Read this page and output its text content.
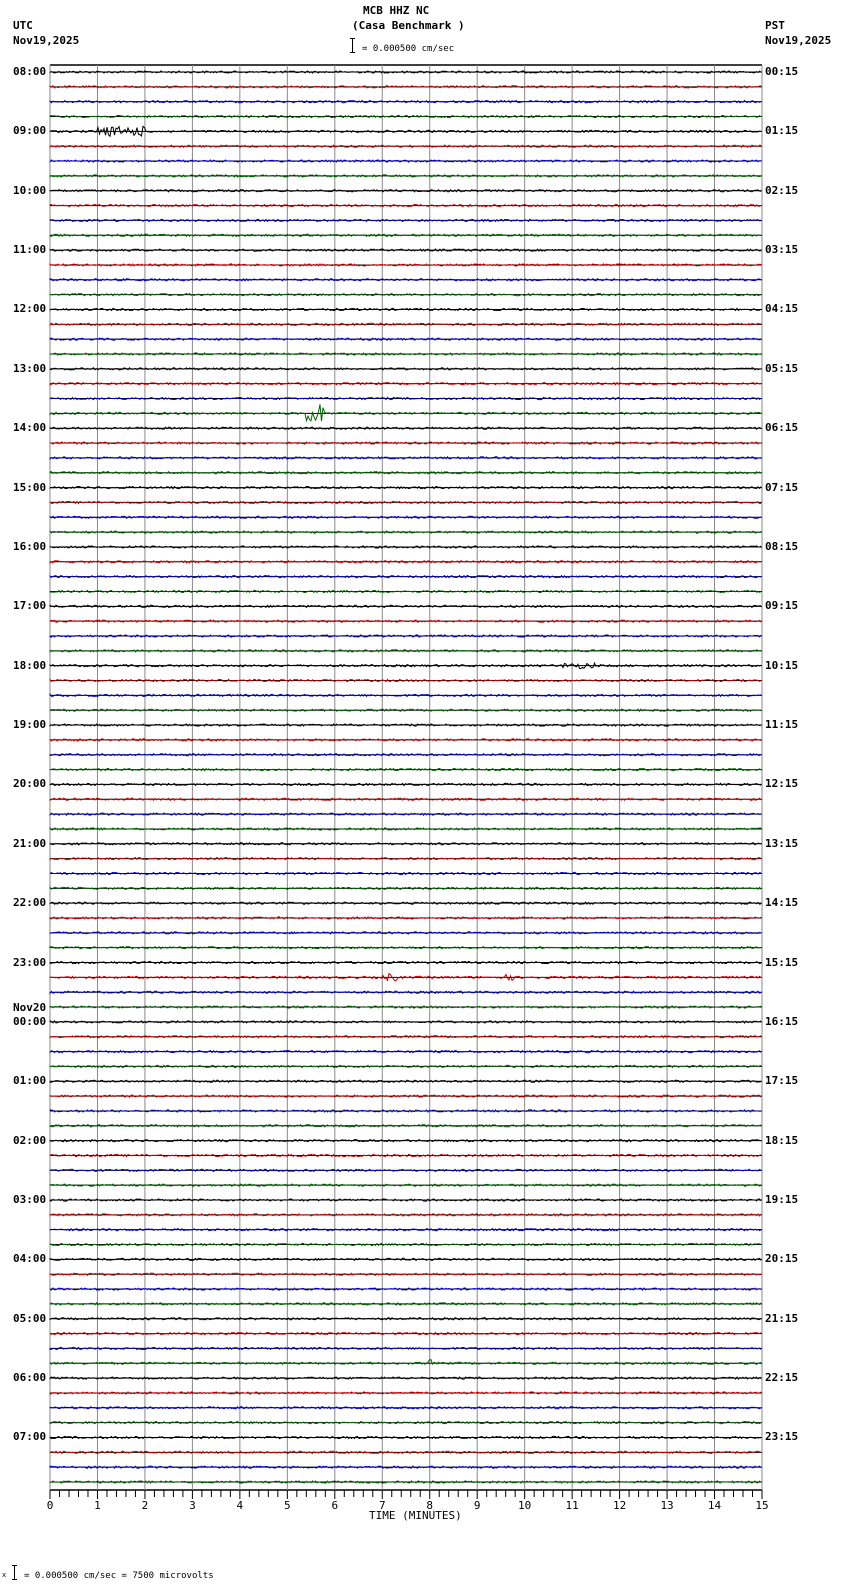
MCB HHZ NC
(Casa Benchmark )
= 0.000500 cm/sec
UTC
Nov19,2025
PST
Nov19,2025
0	1	2	3	4	5	6	7	8	9	10	11	12	13	14	15
08:00
09:00
10:00
11:00
12:00
13:00
14:00
15:00
16:00
17:00
18:00
19:00
20:00
21:00
22:00
23:00
Nov20
00:00
01:00
02:00
03:00
04:00
05:00
06:00
07:00
00:15
01:15
02:15
03:15
04:15
05:15
06:15
07:15
08:15
09:15
10:15
11:15
12:15
13:15
14:15
15:15
16:15
17:15
18:15
19:15
20:15
21:15
22:15
23:15
TIME (MINUTES)
x = 0.000500 cm/sec = 7500 microvolts
